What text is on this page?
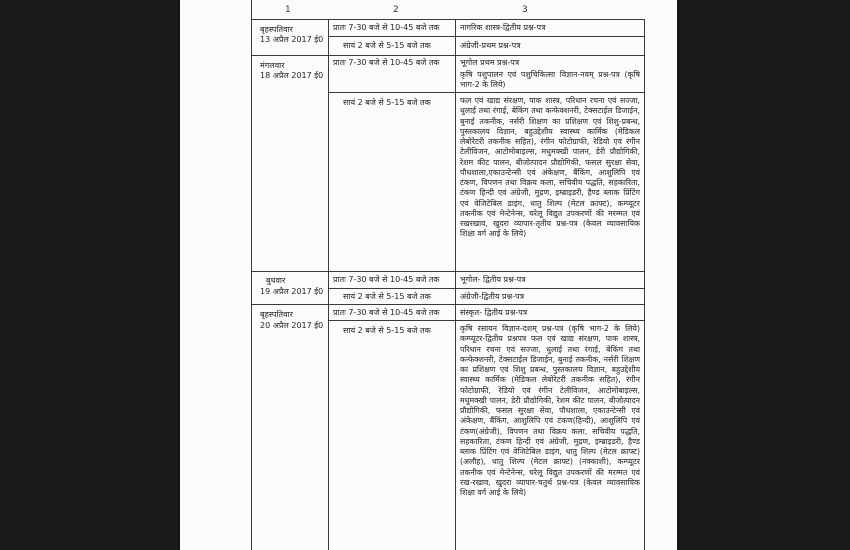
1	2	3
बृहस्पतिवार
13 अप्रैल 2017 ई0
प्रातः 7-30 बजे से 10-45 बजे तक	नागरिक शास्त्र-द्वितीय प्रश्न-पत्र
सायं 2 बजे से 5-15 बजे तक	अंग्रेजी-प्रथम प्रश्न-पत्र
मंगलवार
18 अप्रैल 2017 ई0
प्रातः 7-30 बजे से 10-45 बजे तक	भूगोल प्रथम प्रश्न-पत्र
कृषि पशुपालन एवं पशुचिकित्सा विज्ञान-नवम् प्रश्न-पत्र (कृषि भाग-2 के लिये)
सायं 2 बजे से 5-15 बजे तक	फल एवं खाद्य संरक्षण, पाक शास्त्र, परिधान रचना एवं सज्जा, धुलाई तथा रंगाई, बेकिंग तथा कन्फेक्शनरी, टेक्सटाईल डिजाईन, बुनाई तकनीक, नर्सरी शिक्षण का प्रशिक्षण एवं शिशु-प्रबन्ध, पुस्तकालय विज्ञान, बहुउद्देशीय स्वास्थ्य कार्मिक (मेडिकल लेबोरेटरी तकनीक सहित), रंगीन फोटोग्राफी, रेडियो एवं रंगीन टेलीविजन, आटोमोबाइल्स, मधुमक्खी पालन, डेरी प्रौद्योगिकी, रेशम कीट पालन, बीजोत्पादन प्रौद्योगिकी, फसल सुरक्षा सेवा, पौधशाला,एकाउन्टेन्सी एवं अंकेक्षण, बैंकिंग, आशुलिपि एवं टंकण, विपणन तथा विक्रय कला, सचिवीय पद्धति, सहकारिता, टंकण हिन्दी एवं अंग्रेजी, मुद्रण, इम्ब्राइडरी, हैण्ड ब्लाक प्रिंटिंग एवं वेजिटेबिल डाइंग, धातु शिल्प (मेटल क्राफ्ट), कम्प्यूटर तकनीक एवं मेन्टेनेन्स, घरेलू विद्युत उपकरणों की मरम्मत एवं रखरखाव, खुदरा व्यापार-तृतीय प्रश्न-पत्र (केवल व्यावसायिक शिक्षा वर्ग आई के लिये)
बुधवार
19 अप्रैल 2017 ई0
प्रातः 7-30 बजे से 10-45 बजे तक	भूगोल- द्वितीय प्रश्न-पत्र
सायं 2 बजे से 5-15 बजे तक	अंग्रेजी-द्वितीय प्रश्न-पत्र
बृहस्पतिवार
20 अप्रैल 2017 ई0
प्रातः 7-30 बजे से 10-45 बजे तक	संस्कृत- द्वितीय प्रश्न-पत्र
सायं 2 बजे से 5-15 बजे तक	कृषि रसायन विज्ञान-दशम् प्रश्न-पत्र (कृषि भाग-2 के लिये) कम्प्यूटर-द्वितीय प्रश्नपत्र फल एवं खाद्य संरक्षण, पाक शास्त्र, परिधान रचना एवं सज्जा, धुलाई तथा रंगाई, बेकिंग तथा कन्फेक्शनरी, टेक्सटाईल डिजाईन, बुनाई तकनीक, नर्सरी शिक्षण का प्रशिक्षण एवं शिशु प्रबन्ध, पुस्तकालय विज्ञान, बहुउद्देशीय स्वास्थ्य कार्मिक (मेडिकल लेबोरेटरी तकनीक सहित), रंगीन फोटोग्राफी, रेडियो एवं रंगीन टेलीविजन, आटोमोबाइल्स, मधुमक्खी पालन, डेरी प्रौद्योगिकी, रेशम कीट पालन, बीजोत्पादन प्रौद्योगिकी, फसल सुरक्षा सेवा, पौधशाला, एकाउन्टेन्सी एवं अंकेक्षण, बैंकिंग, आशुलिपि एवं टंकण(हिन्दी), आशुलिपि एवं टंकण(अंग्रेजी), विपणन तथा विक्रय कला, सचिवीय पद्धति, सहकारिता, टंकण हिन्दी एवं अंग्रेजी, मुद्रण, इम्ब्राइडरी, हैण्ड ब्लाक प्रिंटिंग एवं वेजिटेबिल डाइंग, धातु शिल्प (मेटल क्राफ्ट) (अलौह), धातु शिल्प (मेटल क्राफ्ट) (नक्काशी), कम्प्यूटर तकनीक एवं मेन्टेनेन्स, घरेलू विद्युत उपकरणों की मरम्मत एवं रख-रखाव, खुदरा व्यापार-चतुर्थ प्रश्न-पत्र (केवल व्यावसायिक शिक्षा वर्ग आई के लिये)
